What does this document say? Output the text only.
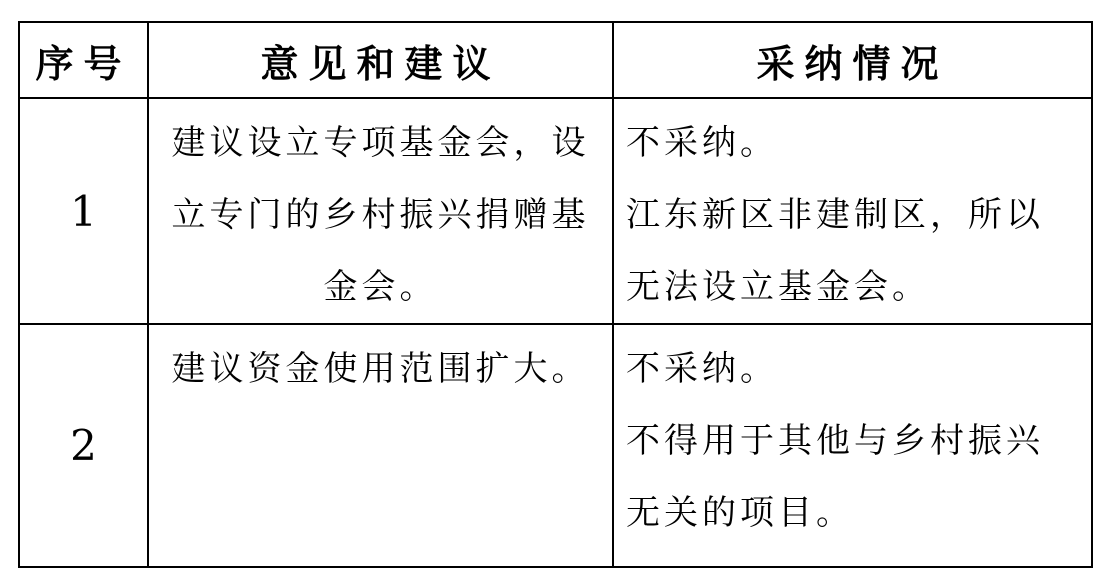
序号	意见和建议	采纳情况
1	建议设立专项基金会，设立专门的乡村振兴捐赠基金会。	不采纳。
江东新区非建制区，所以无法设立基金会。

2	建议资金使用范围扩大。	不采纳。
不得用于其他与乡村振兴无关的项目。
